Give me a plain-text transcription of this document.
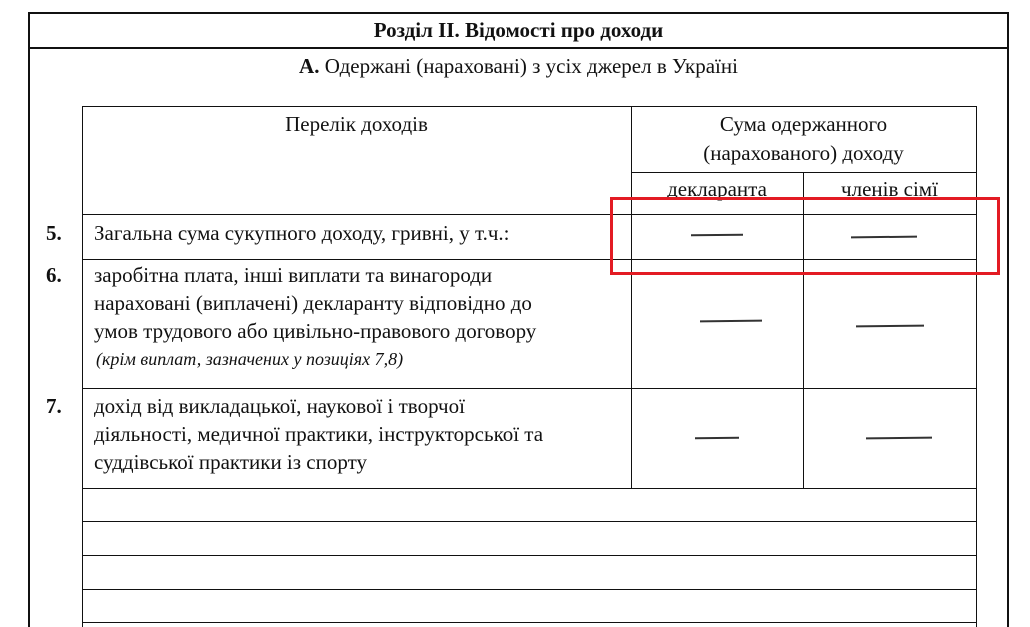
Розділ ІІ. Відомості про доходи
А. Одержані (нараховані) з усіх джерел в Україні
Перелік доходів	Сума одержанного
(нарахованого) доходу
декларанта	членів сімї
5. Загальна сума сукупного доходу, гривні, у т.ч.:
6. заробітна плата, інші виплати та винагороди
нараховані (виплачені) декларанту відповідно до
умов трудового або цивільно-правового договору
(крім виплат, зазначених у позиціях 7,8)
7. дохід від викладацької, наукової і творчої
діяльності, медичної практики, інструкторської та
суддівської практики із спорту
